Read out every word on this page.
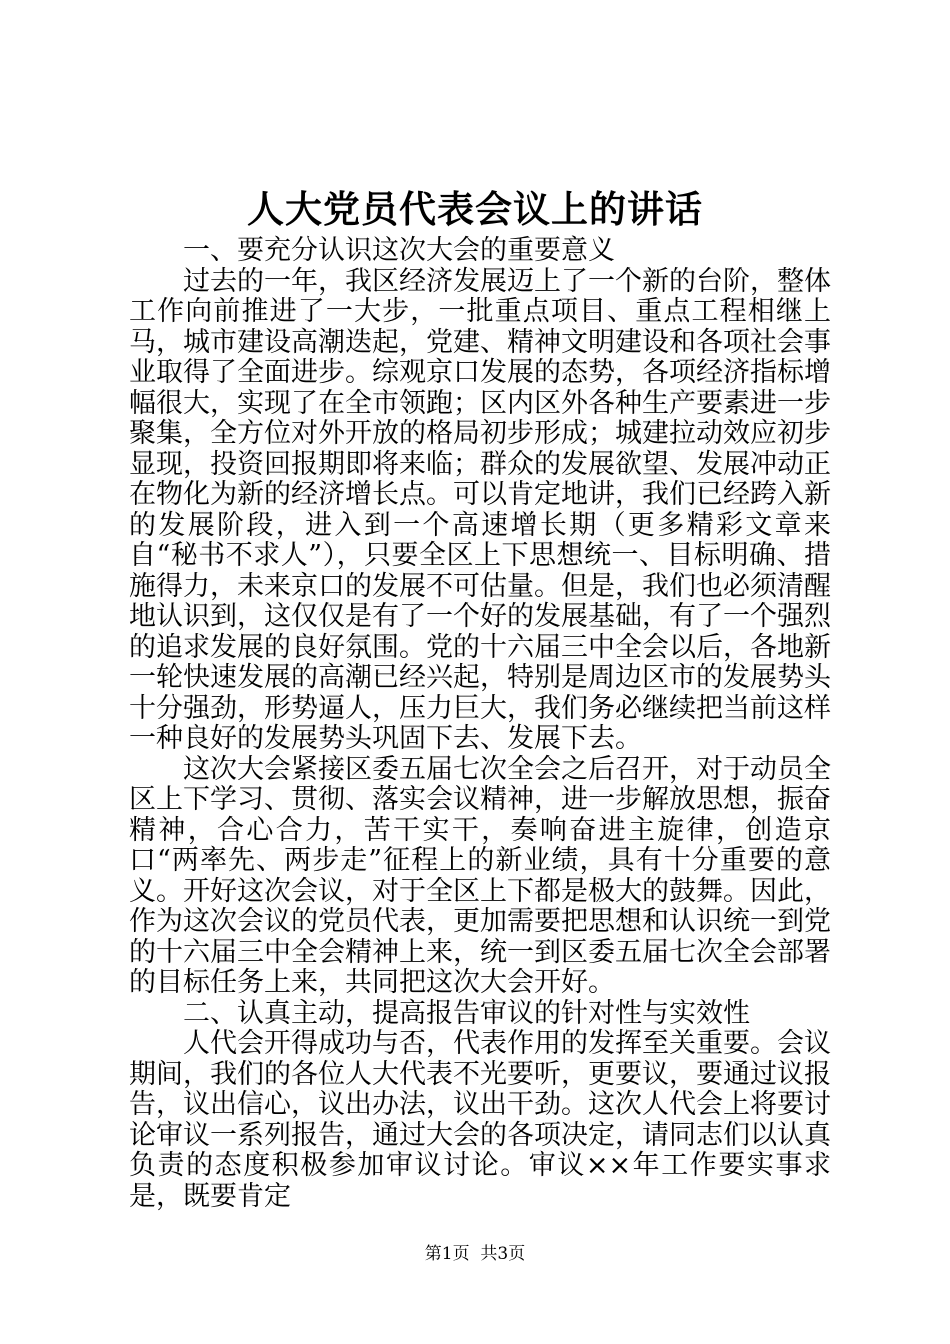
人大党员代表会议上的讲话

一、要充分认识这次大会的重要意义

过去的一年，我区经济发展迈上了一个新的台阶，整体工作向前推进了一大步，一批重点项目、重点工程相继上马，城市建设高潮迭起，党建、精神文明建设和各项社会事业取得了全面进步。综观京口发展的态势，各项经济指标增幅很大，实现了在全市领跑；区内区外各种生产要素进一步聚集，全方位对外开放的格局初步形成；城建拉动效应初步显现，投资回报期即将来临；群众的发展欲望、发展冲动正在物化为新的经济增长点。可以肯定地讲，我们已经跨入新的发展阶段，进入到一个高速增长期（更多精彩文章来自“秘书不求人”），只要全区上下思想统一、目标明确、措施得力，未来京口的发展不可估量。但是，我们也必须清醒地认识到，这仅仅是有了一个好的发展基础，有了一个强烈的追求发展的良好氛围。党的十六届三中全会以后，各地新一轮快速发展的高潮已经兴起，特别是周边区市的发展势头十分强劲，形势逼人，压力巨大，我们务必继续把当前这样一种良好的发展势头巩固下去、发展下去。

这次大会紧接区委五届七次全会之后召开，对于动员全区上下学习、贯彻、落实会议精神，进一步解放思想，振奋精神，合心合力，苦干实干，奏响奋进主旋律，创造京口“两率先、两步走”征程上的新业绩，具有十分重要的意义。开好这次会议，对于全区上下都是极大的鼓舞。因此，作为这次会议的党员代表，更加需要把思想和认识统一到党的十六届三中全会精神上来，统一到区委五届七次全会部署的目标任务上来，共同把这次大会开好。

二、认真主动，提高报告审议的针对性与实效性

人代会开得成功与否，代表作用的发挥至关重要。会议期间，我们的各位人大代表不光要听，更要议，要通过议报告，议出信心，议出办法，议出干劲。这次人代会上将要讨论审议一系列报告，通过大会的各项决定，请同志们以认真负责的态度积极参加审议讨论。审议××年工作要实事求是，既要肯定

第1页 共3页
